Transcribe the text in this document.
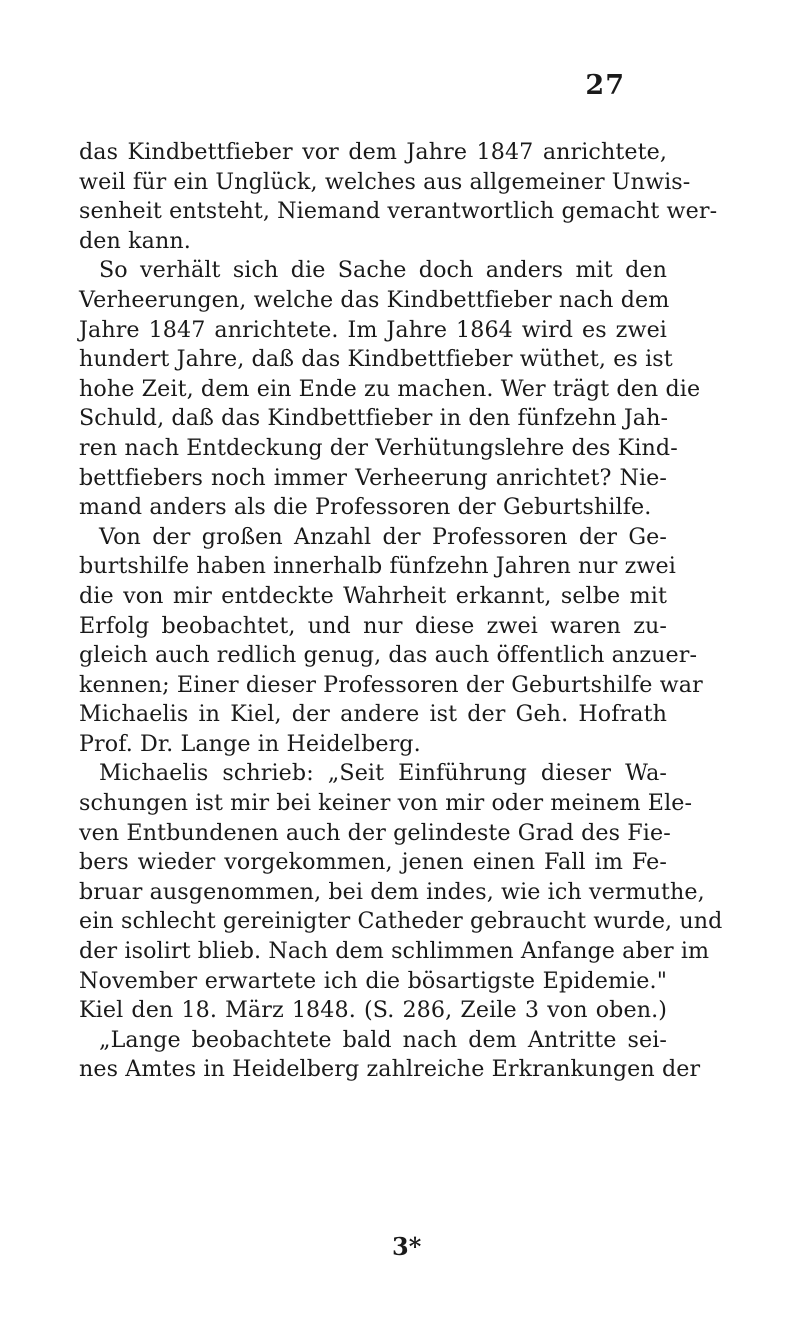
27
das Kindbettfieber vor dem Jahre 1847 anrichtete,
weil für ein Unglück, welches aus allgemeiner Unwis-
senheit entsteht, Niemand verantwortlich gemacht wer-
den kann.
So verhält sich die Sache doch anders mit den
Verheerungen, welche das Kindbettfieber nach dem
Jahre 1847 anrichtete. Im Jahre 1864 wird es zwei
hundert Jahre, daß das Kindbettfieber wüthet, es ist
hohe Zeit, dem ein Ende zu machen. Wer trägt den die
Schuld, daß das Kindbettfieber in den fünfzehn Jah-
ren nach Entdeckung der Verhütungslehre des Kind-
bettfiebers noch immer Verheerung anrichtet? Nie-
mand anders als die Professoren der Geburtshilfe.
Von der großen Anzahl der Professoren der Ge-
burtshilfe haben innerhalb fünfzehn Jahren nur zwei
die von mir entdeckte Wahrheit erkannt, selbe mit
Erfolg beobachtet, und nur diese zwei waren zu-
gleich auch redlich genug, das auch öffentlich anzuer-
kennen; Einer dieser Professoren der Geburtshilfe war
Michaelis in Kiel, der andere ist der Geh. Hofrath
Prof. Dr. Lange in Heidelberg.
Michaelis schrieb: „Seit Einführung dieser Wa-
schungen ist mir bei keiner von mir oder meinem Ele-
ven Entbundenen auch der gelindeste Grad des Fie-
bers wieder vorgekommen, jenen einen Fall im Fe-
bruar ausgenommen, bei dem indes, wie ich vermuthe,
ein schlecht gereinigter Catheder gebraucht wurde, und
der isolirt blieb. Nach dem schlimmen Anfange aber im
November erwartete ich die bösartigste Epidemie."
Kiel den 18. März 1848. (S. 286, Zeile 3 von oben.)
„Lange beobachtete bald nach dem Antritte sei-
nes Amtes in Heidelberg zahlreiche Erkrankungen der
3*
